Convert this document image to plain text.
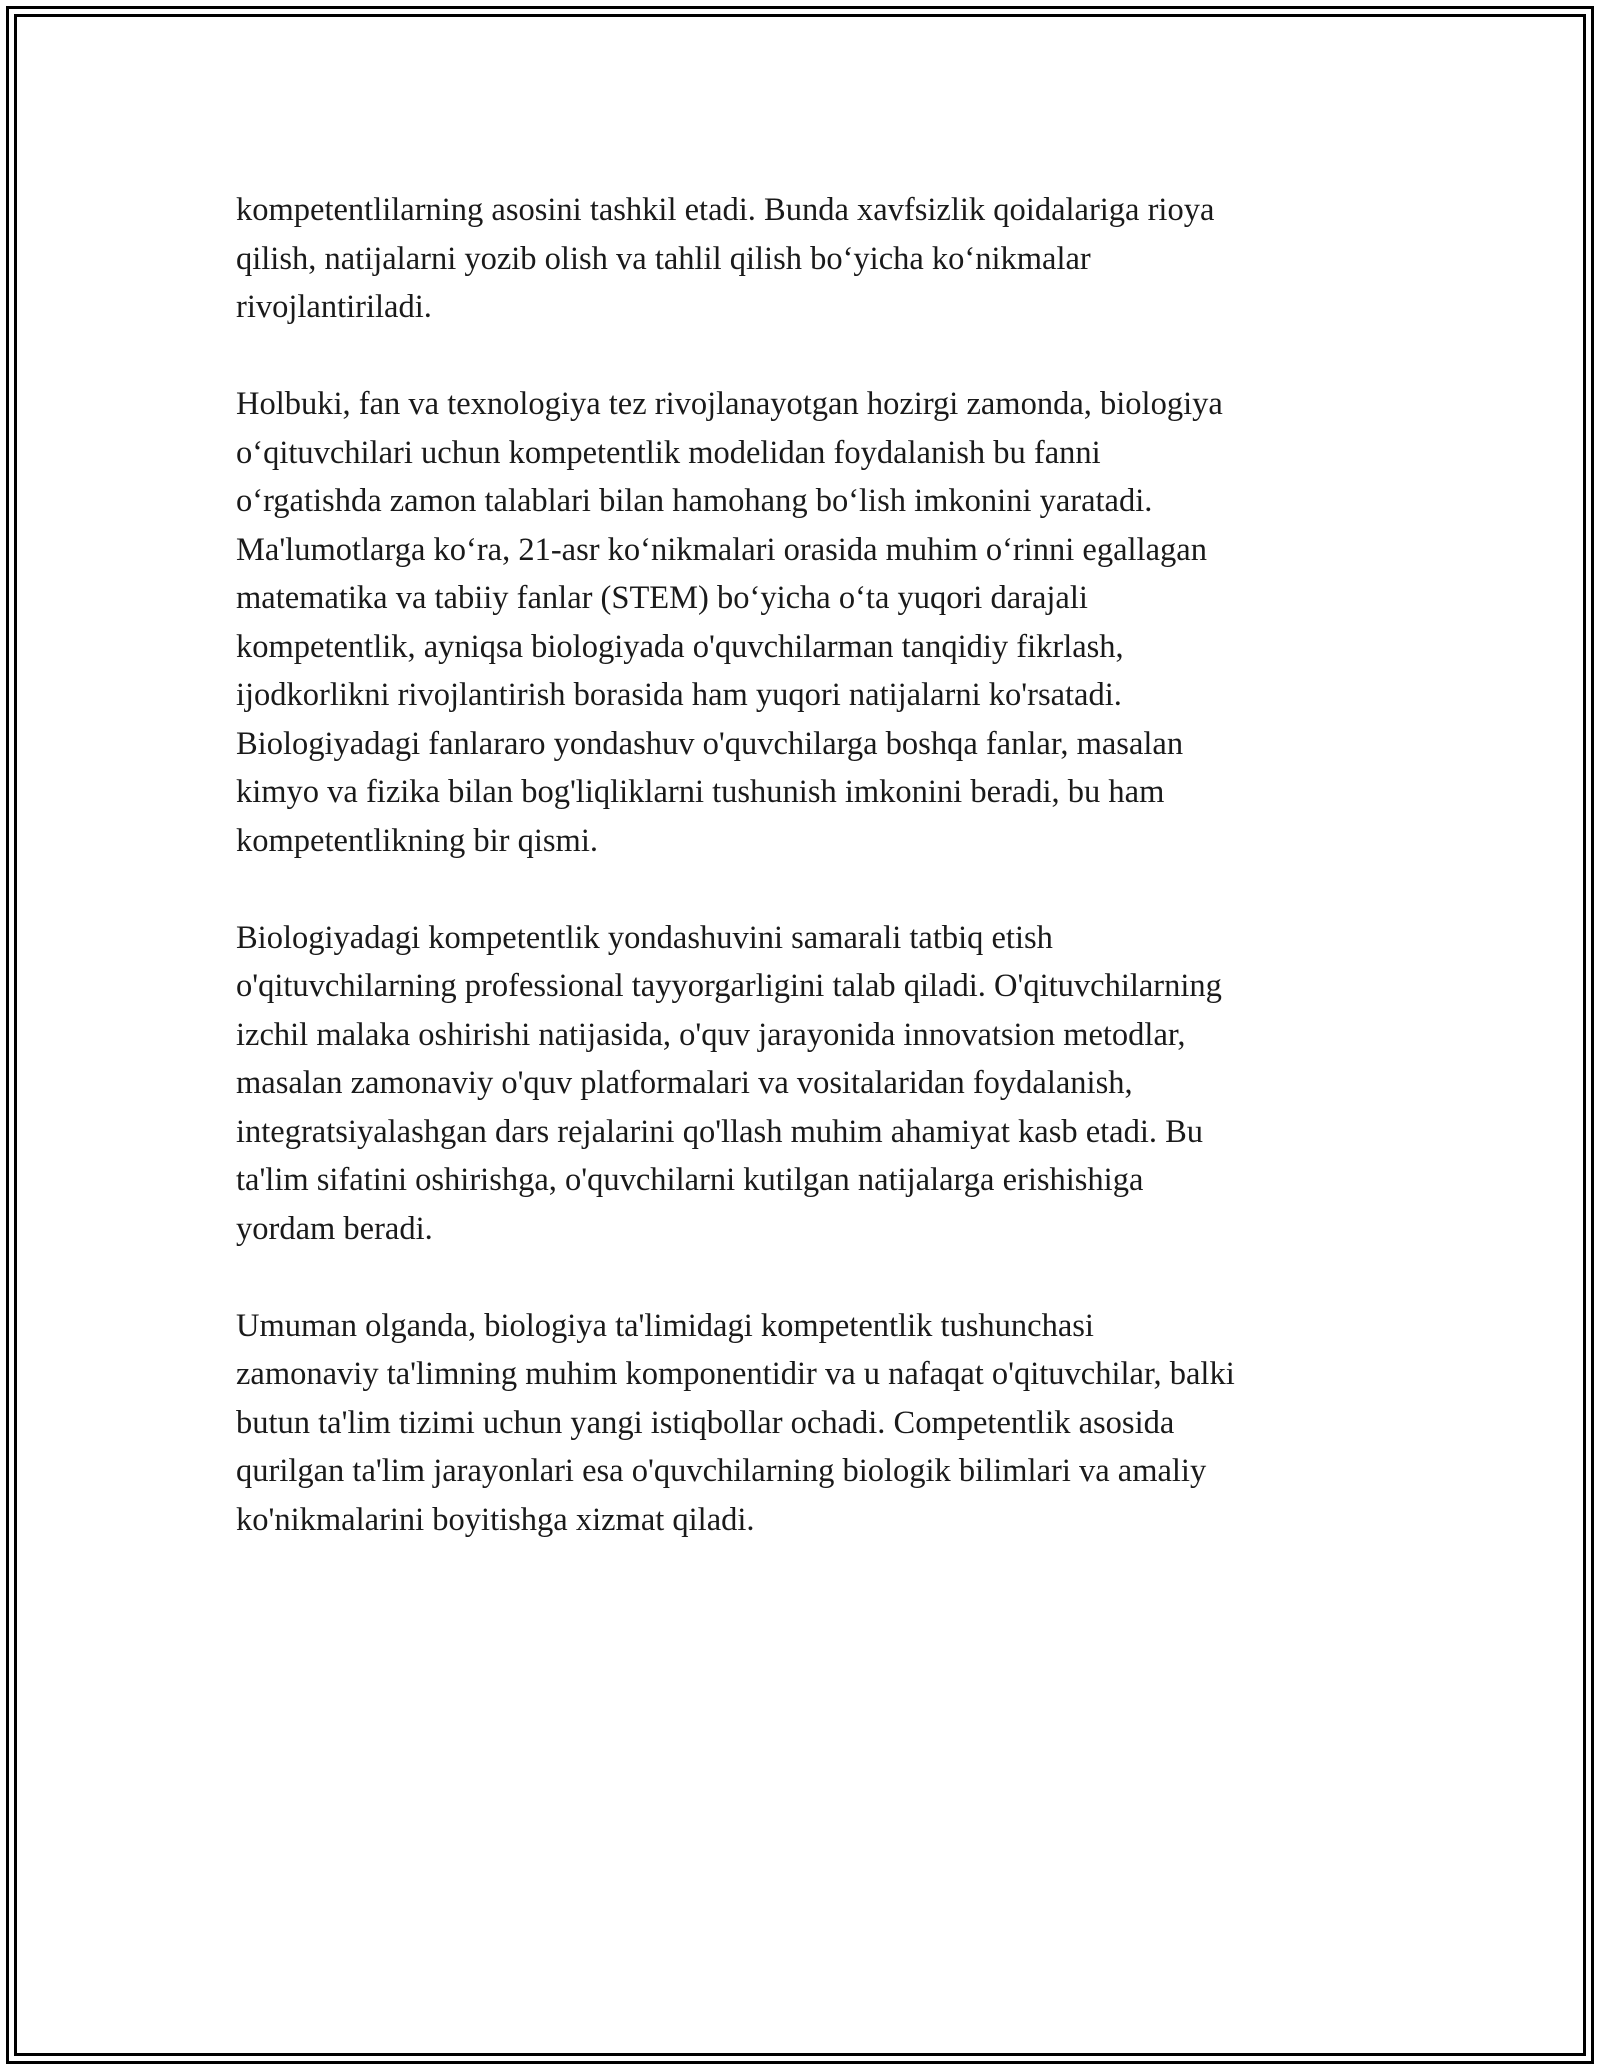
kompetentlilarning asosini tashkil etadi. Bunda xavfsizlik qoidalariga rioya
qilish, natijalarni yozib olish va tahlil qilish bo‘yicha ko‘nikmalar
rivojlantiriladi.
Holbuki, fan va texnologiya tez rivojlanayotgan hozirgi zamonda, biologiya
o‘qituvchilari uchun kompetentlik modelidan foydalanish bu fanni
o‘rgatishda zamon talablari bilan hamohang bo‘lish imkonini yaratadi.
Ma'lumotlarga ko‘ra, 21-asr ko‘nikmalari orasida muhim o‘rinni egallagan
matematika va tabiiy fanlar (STEM) bo‘yicha o‘ta yuqori darajali
kompetentlik, ayniqsa biologiyada o'quvchilarman tanqidiy fikrlash,
ijodkorlikni rivojlantirish borasida ham yuqori natijalarni ko'rsatadi.
Biologiyadagi fanlararo yondashuv o'quvchilarga boshqa fanlar, masalan
kimyo va fizika bilan bog'liqliklarni tushunish imkonini beradi, bu ham
kompetentlikning bir qismi.
Biologiyadagi kompetentlik yondashuvini samarali tatbiq etish
o'qituvchilarning professional tayyorgarligini talab qiladi. O'qituvchilarning
izchil malaka oshirishi natijasida, o'quv jarayonida innovatsion metodlar,
masalan zamonaviy o'quv platformalari va vositalaridan foydalanish,
integratsiyalashgan dars rejalarini qo'llash muhim ahamiyat kasb etadi. Bu
ta'lim sifatini oshirishga, o'quvchilarni kutilgan natijalarga erishishiga
yordam beradi.
Umuman olganda, biologiya ta'limidagi kompetentlik tushunchasi
zamonaviy ta'limning muhim komponentidir va u nafaqat o'qituvchilar, balki
butun ta'lim tizimi uchun yangi istiqbollar ochadi. Competentlik asosida
qurilgan ta'lim jarayonlari esa o'quvchilarning biologik bilimlari va amaliy
ko'nikmalarini boyitishga xizmat qiladi.
